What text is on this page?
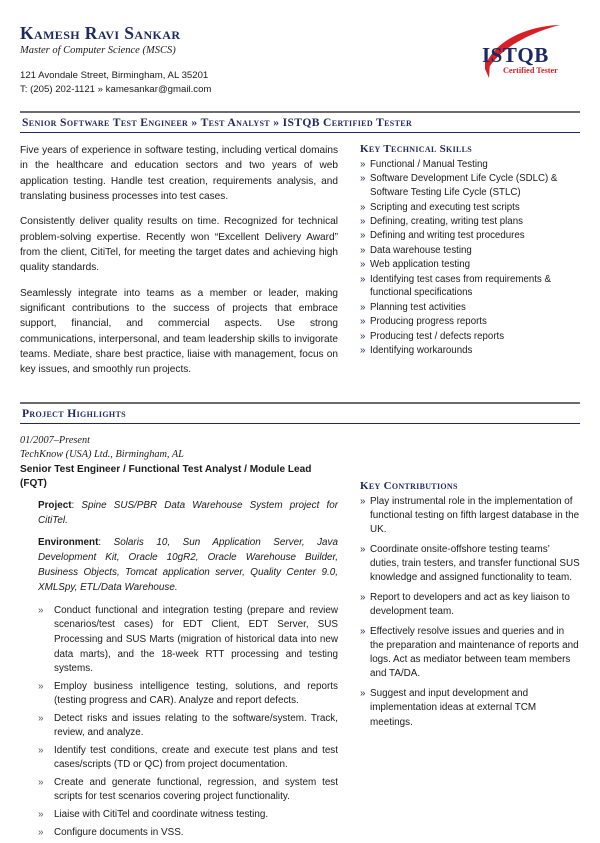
Kamesh Ravi Sankar
Master of Computer Science (MSCS)
121 Avondale Street, Birmingham, AL 35201
T: (205) 202-1121 » kamesankar@gmail.com
ISTQB
Certified Tester
Senior Software Test Engineer » Test Analyst » ISTQB Certified Tester

Five years of experience in software testing, including vertical domains in the healthcare and education sectors and two years of web application testing. Handle test creation, requirements analysis, and translating business processes into test cases.

Consistently deliver quality results on time. Recognized for technical problem-solving expertise. Recently won “Excellent Delivery Award” from the client, CitiTel, for meeting the target dates and achieving high quality standards.

Seamlessly integrate into teams as a member or leader, making significant contributions to the success of projects that embrace support, financial, and commercial aspects. Use strong communications, interpersonal, and team leadership skills to invigorate teams. Mediate, share best practice, liaise with management, focus on key issues, and smoothly run projects.

Key Technical Skills
» Functional / Manual Testing
» Software Development Life Cycle (SDLC) & Software Testing Life Cycle (STLC)
» Scripting and executing test scripts
» Defining, creating, writing test plans
» Defining and writing test procedures
» Data warehouse testing
» Web application testing
» Identifying test cases from requirements & functional specifications
» Planning test activities
» Producing progress reports
» Producing test / defects reports
» Identifying workarounds
Project Highlights
01/2007–Present
TechKnow (USA) Ltd., Birmingham, AL
Senior Test Engineer / Functional Test Analyst / Module Lead (FQT)
Project: Spine SUS/PBR Data Warehouse System project for CitiTel.
Environment: Solaris 10, Sun Application Server, Java Development Kit, Oracle 10gR2, Oracle Warehouse Builder, Business Objects, Tomcat application server, Quality Center 9.0, XMLSpy, ETL/Data Warehouse.
» Conduct functional and integration testing (prepare and review scenarios/test cases) for EDT Client, EDT Server, SUS Processing and SUS Marts (migration of historical data into new data marts), and the 18-week RTT processing and testing systems.
» Employ business intelligence testing, solutions, and reports (testing progress and CAR). Analyze and report defects.
» Detect risks and issues relating to the software/system. Track, review, and analyze.
» Identify test conditions, create and execute test plans and test cases/scripts (TD or QC) from project documentation.
» Create and generate functional, regression, and system test scripts for test scenarios covering project functionality.
» Liaise with CitiTel and coordinate witness testing.
» Configure documents in VSS.
Key Contributions
» Play instrumental role in the implementation of functional testing on fifth largest database in the UK.
» Coordinate onsite-offshore testing teams’ duties, train testers, and transfer functional SUS knowledge and assigned functionality to team.
» Report to developers and act as key liaison to development team.
» Effectively resolve issues and queries and in the preparation and maintenance of reports and logs. Act as mediator between team members and TA/DA.
» Suggest and input development and implementation ideas at external TCM meetings.
